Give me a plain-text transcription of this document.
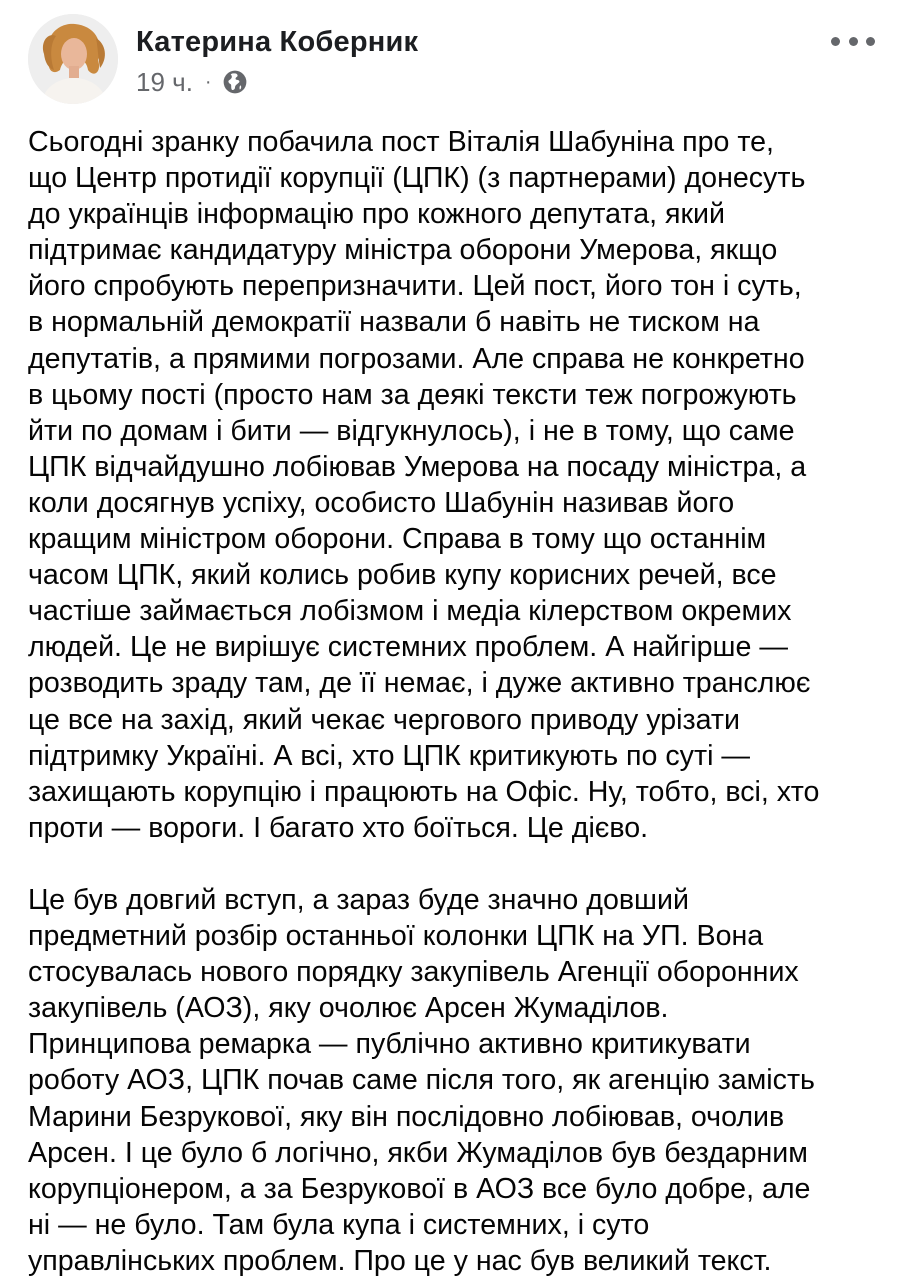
Катерина Коберник
19 ч. ·
Сьогодні зранку побачила пост Віталія Шабуніна про те,
що Центр протидії корупції (ЦПК) (з партнерами) донесуть
до українців інформацію про кожного депутата, який
підтримає кандидатуру міністра оборони Умерова, якщо
його спробують перепризначити. Цей пост, його тон і суть,
в нормальній демократії назвали б навіть не тиском на
депутатів, а прямими погрозами. Але справа не конкретно
в цьому пості (просто нам за деякі тексти теж погрожують
йти по домам і бити — відгукнулось), і не в тому, що саме
ЦПК відчайдушно лобіював Умерова на посаду міністра, а
коли досягнув успіху, особисто Шабунін називав його
кращим міністром оборони. Справа в тому що останнім
часом ЦПК, який колись робив купу корисних речей, все
частіше займається лобізмом і медіа кілерством окремих
людей. Це не вирішує системних проблем. А найгірше —
розводить зраду там, де її немає, і дуже активно транслює
це все на захід, який чекає чергового приводу урізати
підтримку Україні. А всі, хто ЦПК критикують по суті —
захищають корупцію і працюють на Офіс. Ну, тобто, всі, хто
проти — вороги. І багато хто боїться. Це дієво.
Це був довгий вступ, а зараз буде значно довший
предметний розбір останньої колонки ЦПК на УП. Вона
стосувалась нового порядку закупівель Агенції оборонних
закупівель (АОЗ), яку очолює Арсен Жумаділов.
Принципова ремарка — публічно активно критикувати
роботу АОЗ, ЦПК почав саме після того, як агенцію замість
Марини Безрукової, яку він послідовно лобіював, очолив
Арсен. І це було б логічно, якби Жумаділов був бездарним
корупціонером, а за Безрукової в АОЗ все було добре, але
ні — не було. Там була купа і системних, і суто
управлінських проблем. Про це у нас був великий текст.
